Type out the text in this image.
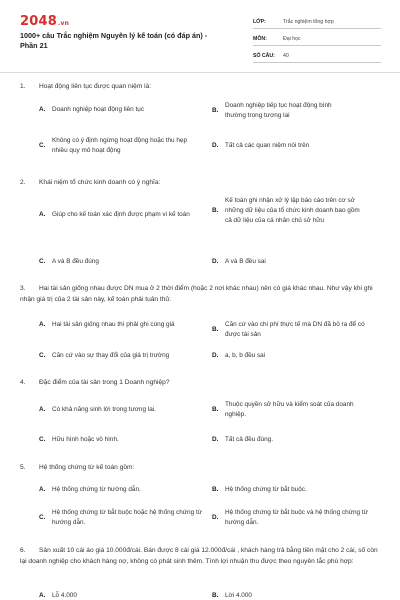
2048.vn
1000+ câu Trắc nghiệm Nguyên lý kế toán (có đáp án) - Phần 21
LỚP:	Trắc nghiệm tổng hợp
MÔN:	Đại học
SỐ CÂU:	40
1. Hoạt động liên tục được quan niệm là:
A.	Doanh nghiệp hoạt động liên tục	B.
Doanh nghiệp tiếp tục hoạt động bình thường trong tương lai
C.
Không có ý định ngừng hoạt động hoặc thu hẹp nhiều quy mô hoạt động
D.	Tất cả các quan niệm nói trên
2. Khái niệm tổ chức kinh doanh có ý nghĩa:
A.	Giúp cho kế toán xác định được phạm vi kế toán
B.
Kế toán ghi nhận xử lý lập báo cáo trên cơ sở những dữ liệu của tổ chức kinh doanh bao gồm cả dữ liệu của cá nhân chủ sở hữu
C.	A và B đều đúng	D.	A và B đều sai
3. Hai tài sản giống nhau được DN mua ở 2 thời điểm (hoặc 2 nơi khác nhau) nên có giá khác nhau. Như vậy khi ghi nhận giá trị của 2 tài sản này, kế toán phải tuân thủ:
A.	Hai tài sản giống nhau thì phải ghi cùng giá
B.
Căn cứ vào chi phí thực tế mà DN đã bỏ ra để có được tài sản
C.	Căn cứ vào sự thay đổi của giá trị trường	D.	a, b, b đều sai
4. Đặc điểm của tài sản trong 1 Doanh nghiệp?
A.	Có khả năng sinh lời trong tương lai.	B.
Thuộc quyền sở hữu và kiểm soát của doanh nghiệp.
C.	Hữu hình hoặc vô hình.	D.	Tất cả đều đúng.
5. Hệ thống chứng từ kế toán gồm:
A.	Hệ thống chứng từ hướng dẫn.	B.	Hệ thống chứng từ bắt buộc.
C.
Hệ thống chứng từ bắt buộc hoặc hệ thống chứng từ hướng dẫn.
D.
Hệ thống chứng từ bắt buộc và hệ thống chứng từ hướng dẫn.
6. Sản xuất 10 cái áo giá 10.000đ/cái. Bán được 8 cái giá 12.000đ/cái , khách hàng trả bằng tiền mặt cho 2 cái, số còn lại doanh nghiệp cho khách hàng nợ, không có phát sinh thêm. Tính lợi nhuận thu được theo nguyên tắc phù hợp:
A.	Lỗ 4.000	B.	Lời 4.000
